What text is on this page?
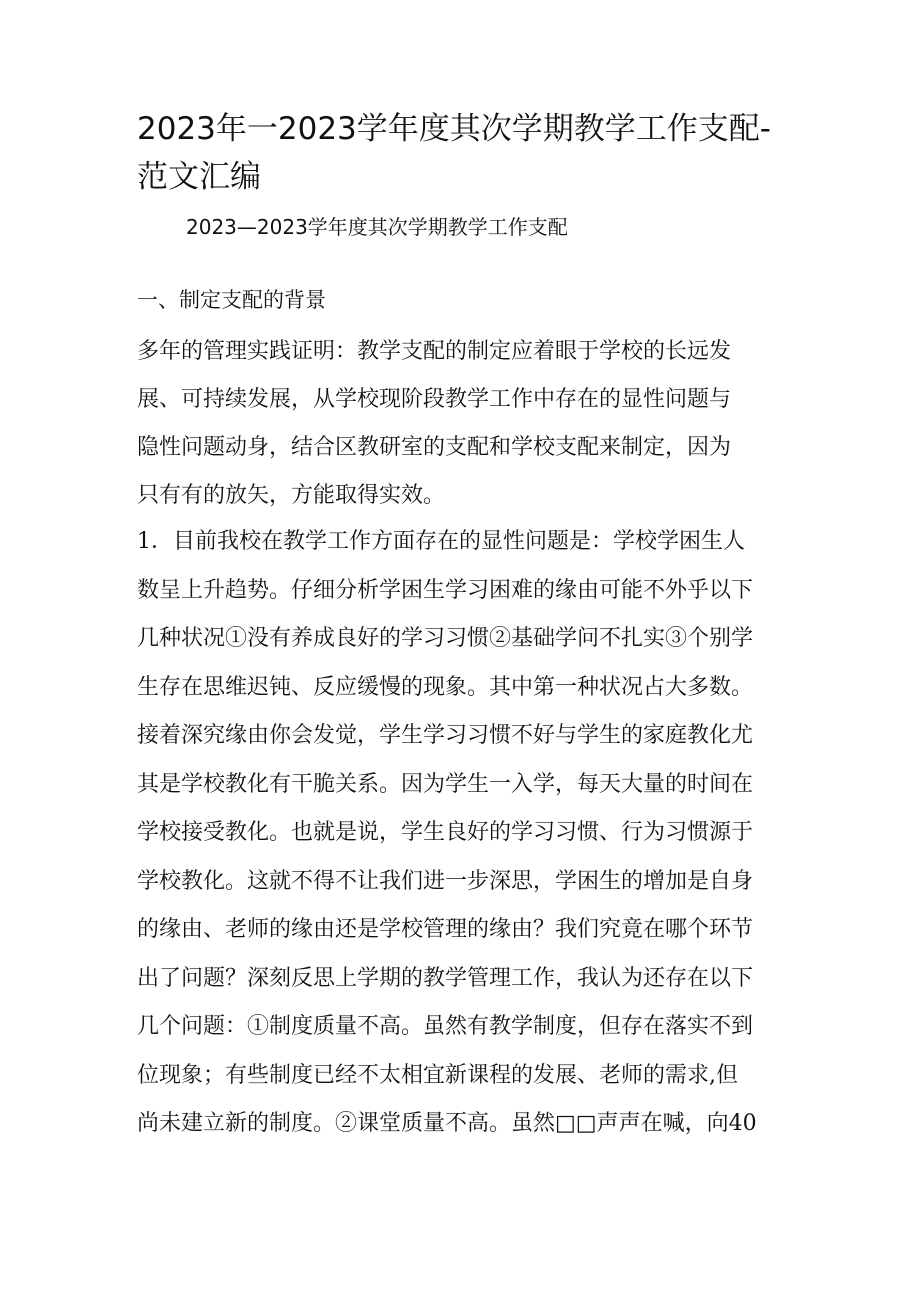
2023年一2023学年度其次学期教学工作支配-
范文汇编

2023—2023学年度其次学期教学工作支配

一、制定支配的背景

多年的管理实践证明：教学支配的制定应着眼于学校的长远发
展、可持续发展，从学校现阶段教学工作中存在的显性问题与
隐性问题动身，结合区教研室的支配和学校支配来制定，因为
只有有的放矢，方能取得实效。

1．目前我校在教学工作方面存在的显性问题是：学校学困生人
数呈上升趋势。仔细分析学困生学习困难的缘由可能不外乎以下
几种状况①没有养成良好的学习习惯②基础学问不扎实③个别学
生存在思维迟钝、反应缓慢的现象。其中第一种状况占大多数。
接着深究缘由你会发觉，学生学习习惯不好与学生的家庭教化尤
其是学校教化有干脆关系。因为学生一入学，每天大量的时间在
学校接受教化。也就是说，学生良好的学习习惯、行为习惯源于
学校教化。这就不得不让我们进一步深思，学困生的增加是自身
的缘由、老师的缘由还是学校管理的缘由？我们究竟在哪个环节
出了问题？深刻反思上学期的教学管理工作，我认为还存在以下
几个问题：①制度质量不高。虽然有教学制度，但存在落实不到
位现象；有些制度已经不太相宜新课程的发展、老师的需求,但
尚未建立新的制度。②课堂质量不高。虽然□□声声在喊，向40
